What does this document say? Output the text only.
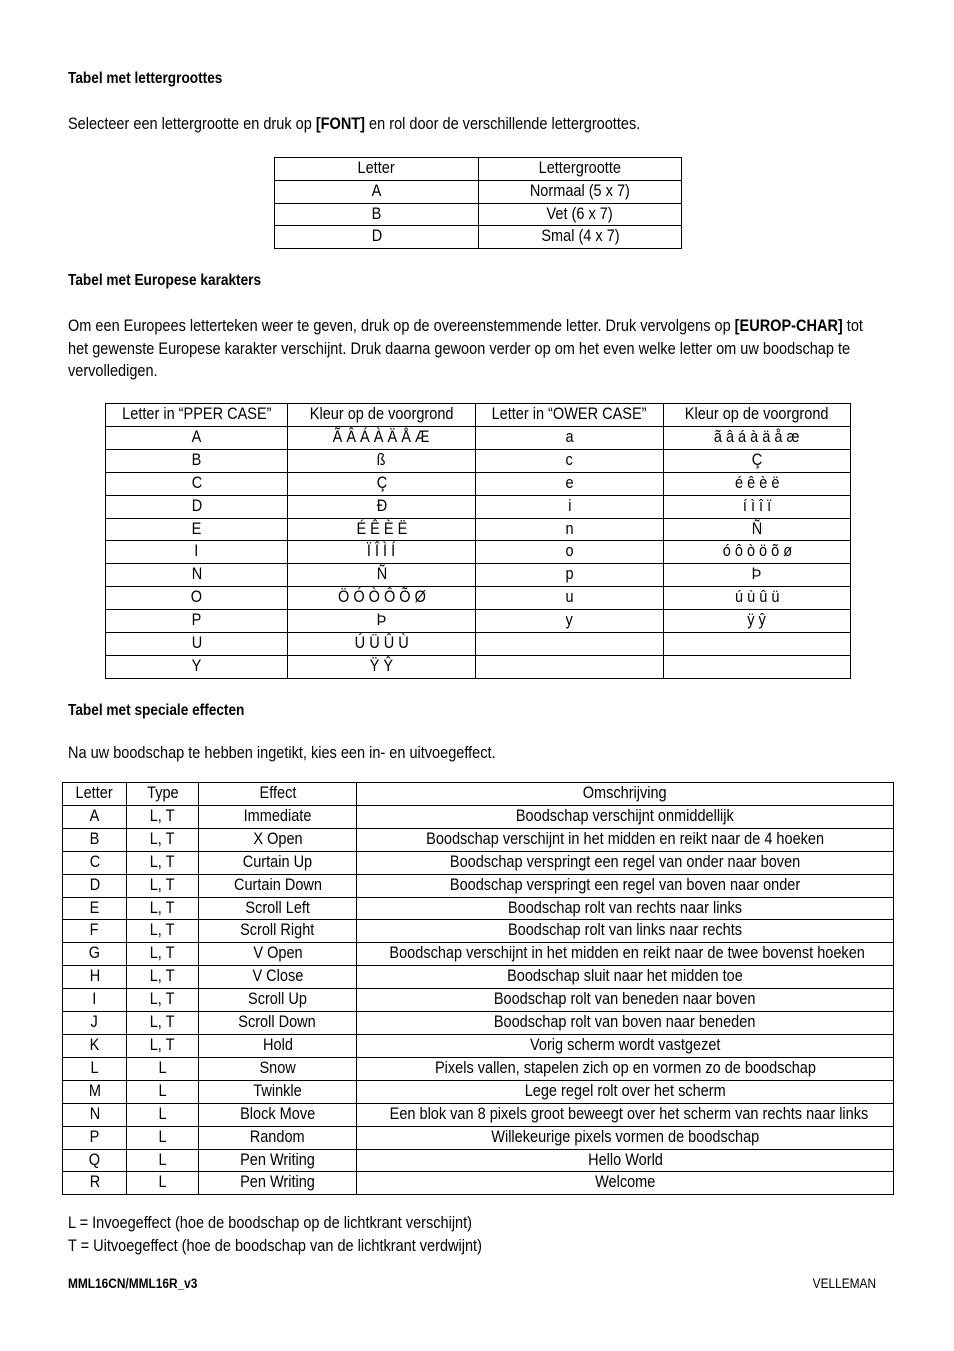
Tabel met lettergroottes
Selecteer een lettergrootte en druk op [FONT] en rol door de verschillende lettergroottes.
Letter	Lettergrootte
A	Normaal (5 x 7)
B	Vet (6 x 7)
D	Smal (4 x 7)
Tabel met Europese karakters
Om een Europees letterteken weer te geven, druk op de overeenstemmende letter. Druk vervolgens op [EUROP-CHAR] tot het gewenste Europese karakter verschijnt. Druk daarna gewoon verder op om het even welke letter om uw boodschap te vervolledigen.
Letter in “PPER CASE”	Kleur op de voorgrond	Letter in “OWER CASE”	Kleur op de voorgrond
A	Ã Â Á À Ä Å Æ	a	ã â á à ä å æ
B	ß	c	Ç
C	Ç	e	é ê è ë
D	Đ	i	í ì î ï
E	É Ê È Ë	n	Ñ
I	Ï Î Ì Í	o	ó ô ò ö õ ø
N	Ñ	p	Þ
O	Ö Ó Ò Ô Õ Ø	u	ú ù û ü
P	Þ	y	ÿ ŷ
U	Ú Ü Û Ù		
Y	Ÿ Ŷ		
Tabel met speciale effecten
Na uw boodschap te hebben ingetikt, kies een in- en uitvoegeffect.
Letter	Type	Effect	Omschrijving
A	L, T	Immediate	Boodschap verschijnt onmiddellijk
B	L, T	X Open	Boodschap verschijnt in het midden en reikt naar de 4 hoeken
C	L, T	Curtain Up	Boodschap verspringt een regel van onder naar boven
D	L, T	Curtain Down	Boodschap verspringt een regel van boven naar onder
E	L, T	Scroll Left	Boodschap rolt van rechts naar links
F	L, T	Scroll Right	Boodschap rolt van links naar rechts
G	L, T	V Open	Boodschap verschijnt in het midden en reikt naar de twee bovenst hoeken
H	L, T	V Close	Boodschap sluit naar het midden toe
I	L, T	Scroll Up	Boodschap rolt van beneden naar boven
J	L, T	Scroll Down	Boodschap rolt van boven naar beneden
K	L, T	Hold	Vorig scherm wordt vastgezet
L	L	Snow	Pixels vallen, stapelen zich op en vormen zo de boodschap
M	L	Twinkle	Lege regel rolt over het scherm
N	L	Block Move	Een blok van 8 pixels groot beweegt over het scherm van rechts naar links
P	L	Random	Willekeurige pixels vormen de boodschap
Q	L	Pen Writing	Hello World
R	L	Pen Writing	Welcome
L = Invoegeffect (hoe de boodschap op de lichtkrant verschijnt)
T = Uitvoegeffect (hoe de boodschap van de lichtkrant verdwijnt)
MML16CN/MML16R_v3	VELLEMAN
